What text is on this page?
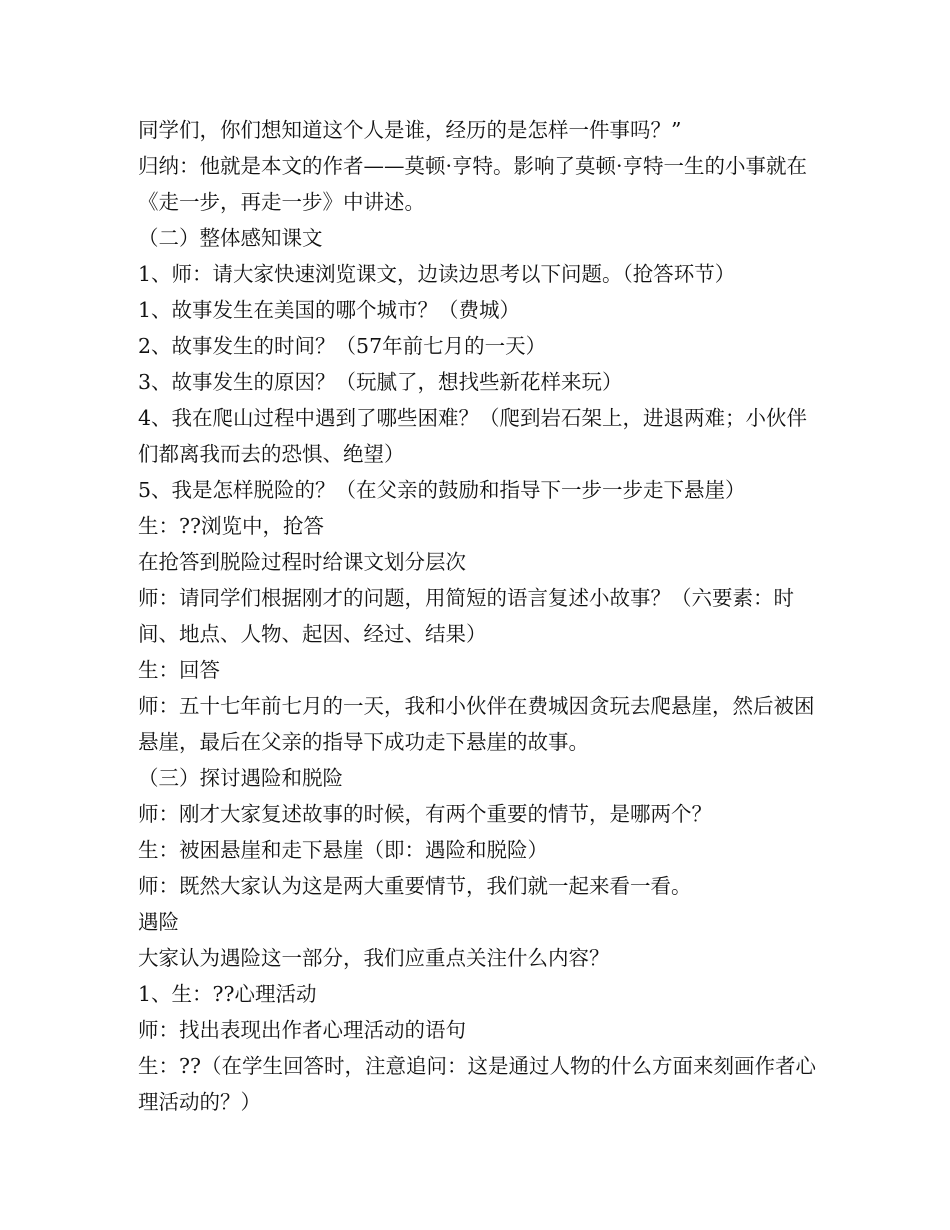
同学们，你们想知道这个人是谁，经历的是怎样一件事吗？”

归纳：他就是本文的作者——莫顿·亨特。影响了莫顿·亨特一生的小事就在《走一步，再走一步》中讲述。

（二）整体感知课文

1、师：请大家快速浏览课文，边读边思考以下问题。（抢答环节）

1、故事发生在美国的哪个城市？（费城）

2、故事发生的时间？（57年前七月的一天）

3、故事发生的原因？（玩腻了，想找些新花样来玩）

4、我在爬山过程中遇到了哪些困难？（爬到岩石架上，进退两难；小伙伴们都离我而去的恐惧、绝望）

5、我是怎样脱险的？（在父亲的鼓励和指导下一步一步走下悬崖）

生：??浏览中，抢答

在抢答到脱险过程时给课文划分层次

师：请同学们根据刚才的问题，用简短的语言复述小故事？（六要素：时间、地点、人物、起因、经过、结果）

生：回答

师：五十七年前七月的一天，我和小伙伴在费城因贪玩去爬悬崖，然后被困悬崖，最后在父亲的指导下成功走下悬崖的故事。

（三）探讨遇险和脱险

师：刚才大家复述故事的时候，有两个重要的情节，是哪两个？

生：被困悬崖和走下悬崖（即：遇险和脱险）

师：既然大家认为这是两大重要情节，我们就一起来看一看。

遇险

大家认为遇险这一部分，我们应重点关注什么内容？

1、生：??心理活动

师：找出表现出作者心理活动的语句

生：??（在学生回答时，注意追问：这是通过人物的什么方面来刻画作者心理活动的？）
